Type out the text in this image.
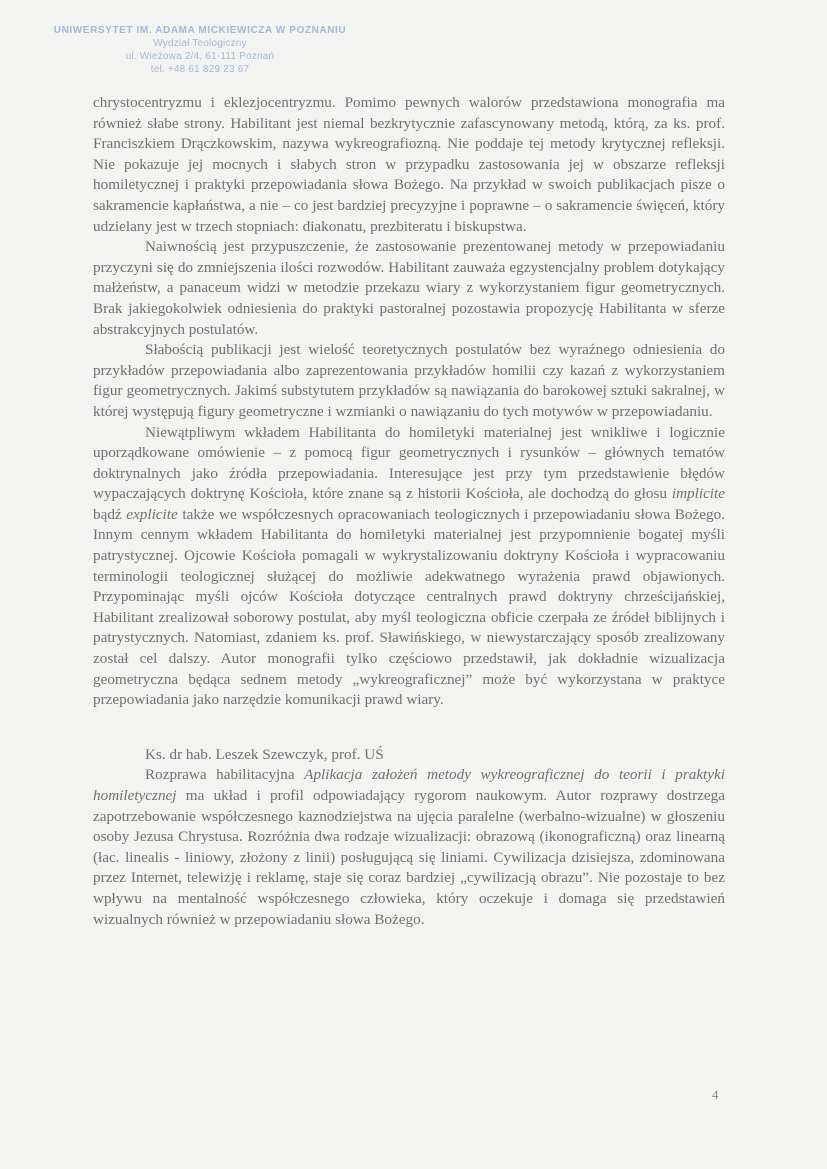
UNIWERSYTET IM. ADAMA MICKIEWICZA W POZNANIU
Wydział Teologiczny
ul. Wieżowa 2/4, 61-111 Poznań
tel. +48 61 829 23 67

chrystocentryzmu i eklezjocentryzmu. Pomimo pewnych walorów przedstawiona monografia ma również słabe strony. Habilitant jest niemal bezkrytycznie zafascynowany metodą, którą, za ks. prof. Franciszkiem Drączkowskim, nazywa wykreografiozną. Nie poddaje tej metody krytycznej refleksji. Nie pokazuje jej mocnych i słabych stron w przypadku zastosowania jej w obszarze refleksji homiletycznej i praktyki przepowiadania słowa Bożego. Na przykład w swoich publikacjach pisze o sakramencie kapłaństwa, a nie – co jest bardziej precyzyjne i poprawne – o sakramencie święceń, który udzielany jest w trzech stopniach: diakonatu, prezbiteratu i biskupstwa.

Naiwnością jest przypuszczenie, że zastosowanie prezentowanej metody w przepowiadaniu przyczyni się do zmniejszenia ilości rozwodów. Habilitant zauważa egzystencjalny problem dotykający małżeństw, a panaceum widzi w metodzie przekazu wiary z wykorzystaniem figur geometrycznych. Brak jakiegokolwiek odniesienia do praktyki pastoralnej pozostawia propozycję Habilitanta w sferze abstrakcyjnych postulatów.

Słabością publikacji jest wielość teoretycznych postulatów bez wyraźnego odniesienia do przykładów przepowiadania albo zaprezentowania przykładów homilii czy kazań z wykorzystaniem figur geometrycznych. Jakimś substytutem przykładów są nawiązania do barokowej sztuki sakralnej, w której występują figury geometryczne i wzmianki o nawiązaniu do tych motywów w przepowiadaniu.

Niewątpliwym wkładem Habilitanta do homiletyki materialnej jest wnikliwe i logicznie uporządkowane omówienie – z pomocą figur geometrycznych i rysunków – głównych tematów doktrynalnych jako źródła przepowiadania. Interesujące jest przy tym przedstawienie błędów wypaczających doktrynę Kościoła, które znane są z historii Kościoła, ale dochodzą do głosu implicite bądź explicite także we współczesnych opracowaniach teologicznych i przepowiadaniu słowa Bożego. Innym cennym wkładem Habilitanta do homiletyki materialnej jest przypomnienie bogatej myśli patrystycznej. Ojcowie Kościoła pomagali w wykrystalizowaniu doktryny Kościoła i wypracowaniu terminologii teologicznej służącej do możliwie adekwatnego wyrażenia prawd objawionych. Przypominając myśli ojców Kościoła dotyczące centralnych prawd doktryny chrześcijańskiej, Habilitant zrealizował soborowy postulat, aby myśl teologiczna obficie czerpała ze źródeł biblijnych i patrystycznych. Natomiast, zdaniem ks. prof. Sławińskiego, w niewystarczający sposób zrealizowany został cel dalszy. Autor monografii tylko częściowo przedstawił, jak dokładnie wizualizacja geometryczna będąca sednem metody „wykreograficznej” może być wykorzystana w praktyce przepowiadania jako narzędzie komunikacji prawd wiary.

Ks. dr hab. Leszek Szewczyk, prof. UŚ

Rozprawa habilitacyjna Aplikacja założeń metody wykreograficznej do teorii i praktyki homiletycznej ma układ i profil odpowiadający rygorom naukowym. Autor rozprawy dostrzega zapotrzebowanie współczesnego kaznodziejstwa na ujęcia paralelne (werbalno-wizualne) w głoszeniu osoby Jezusa Chrystusa. Rozróżnia dwa rodzaje wizualizacji: obrazową (ikonograficzną) oraz linearną (łac. linealis - liniowy, złożony z linii) posługującą się liniami. Cywilizacja dzisiejsza, zdominowana przez Internet, telewizję i reklamę, staje się coraz bardziej „cywilizacją obrazu”. Nie pozostaje to bez wpływu na mentalność współczesnego człowieka, który oczekuje i domaga się przedstawień wizualnych również w przepowiadaniu słowa Bożego.

4
